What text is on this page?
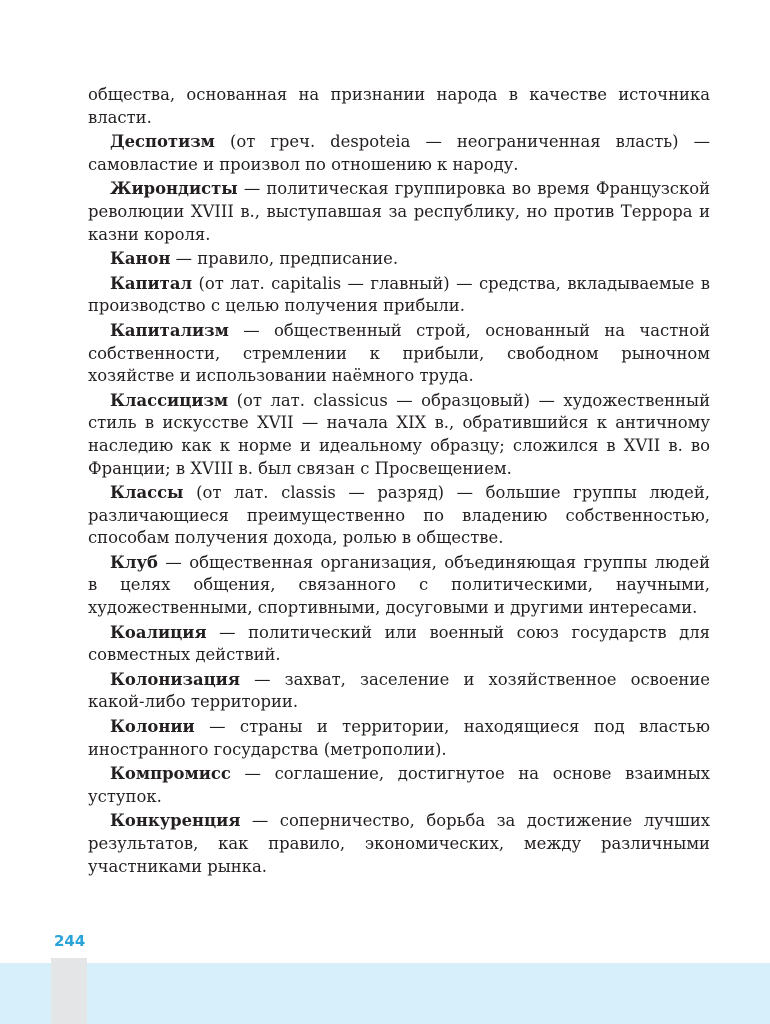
244

общества, основанная на признании народа в качестве источника власти.

Деспотизм (от греч. despoteia — неограниченная власть) — самовластие и произвол по отношению к народу.

Жирондисты — политическая группировка во время Французской революции XVIII в., выступавшая за республику, но против Террора и казни короля.

Канон — правило, предписание.

Капитал (от лат. capitalis — главный) — средства, вкладываемые в производство с целью получения прибыли.

Капитализм — общественный строй, основанный на частной собственности, стремлении к прибыли, свободном рыночном хозяйстве и использовании наёмного труда.

Классицизм (от лат. classicus — образцовый) — художественный стиль в искусстве XVII — начала XIX в., обратившийся к античному наследию как к норме и идеальному образцу; сложился в XVII в. во Франции; в XVIII в. был связан с Просвещением.

Классы (от лат. classis — разряд) — большие группы людей, различающиеся преимущественно по владению собственностью, способам получения дохода, ролью в обществе.

Клуб — общественная организация, объединяющая группы людей в целях общения, связанного с политическими, научными, художественными, спортивными, досуговыми и другими интересами.

Коалиция — политический или военный союз государств для совместных действий.

Колонизация — захват, заселение и хозяйственное освоение какой-либо территории.

Колонии — страны и территории, находящиеся под властью иностранного государства (метрополии).

Компромисс — соглашение, достигнутое на основе взаимных уступок.

Конкуренция — соперничество, борьба за достижение лучших результатов, как правило, экономических, между различными участниками рынка.
